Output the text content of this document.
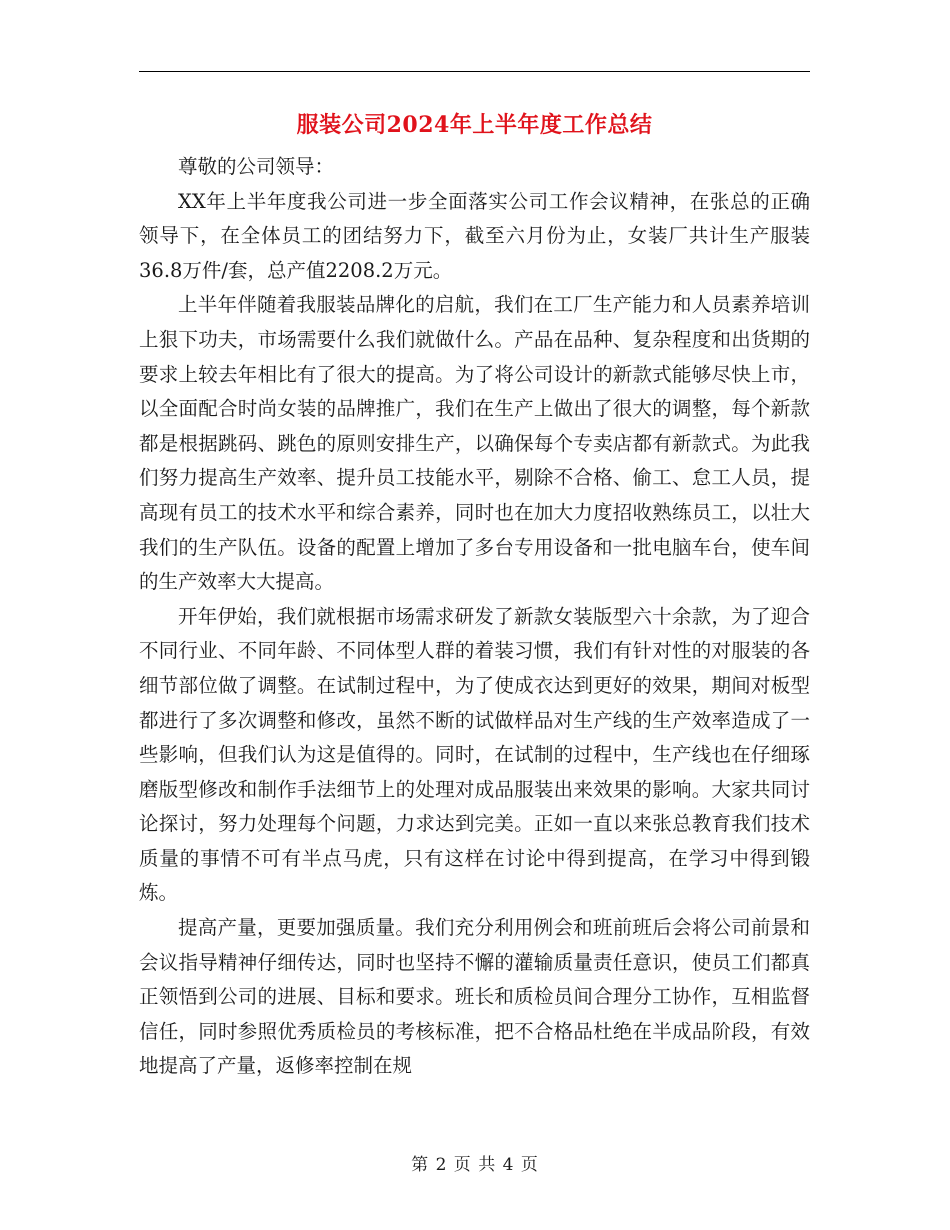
服装公司2024年上半年度工作总结

尊敬的公司领导：

XX年上半年度我公司进一步全面落实公司工作会议精神，在张总的正确领导下，在全体员工的团结努力下，截至六月份为止，女装厂共计生产服装36.8万件/套，总产值2208.2万元。

上半年伴随着我服装品牌化的启航，我们在工厂生产能力和人员素养培训上狠下功夫，市场需要什么我们就做什么。产品在品种、复杂程度和出货期的要求上较去年相比有了很大的提高。为了将公司设计的新款式能够尽快上市，以全面配合时尚女装的品牌推广，我们在生产上做出了很大的调整，每个新款都是根据跳码、跳色的原则安排生产，以确保每个专卖店都有新款式。为此我们努力提高生产效率、提升员工技能水平，剔除不合格、偷工、怠工人员，提高现有员工的技术水平和综合素养，同时也在加大力度招收熟练员工，以壮大我们的生产队伍。设备的配置上增加了多台专用设备和一批电脑车台，使车间的生产效率大大提高。

开年伊始，我们就根据市场需求研发了新款女装版型六十余款，为了迎合不同行业、不同年龄、不同体型人群的着装习惯，我们有针对性的对服装的各细节部位做了调整。在试制过程中，为了使成衣达到更好的效果，期间对板型都进行了多次调整和修改，虽然不断的试做样品对生产线的生产效率造成了一些影响，但我们认为这是值得的。同时，在试制的过程中，生产线也在仔细琢磨版型修改和制作手法细节上的处理对成品服装出来效果的影响。大家共同讨论探讨，努力处理每个问题，力求达到完美。正如一直以来张总教育我们技术质量的事情不可有半点马虎，只有这样在讨论中得到提高，在学习中得到锻炼。

提高产量，更要加强质量。我们充分利用例会和班前班后会将公司前景和会议指导精神仔细传达，同时也坚持不懈的灌输质量责任意识，使员工们都真正领悟到公司的进展、目标和要求。班长和质检员间合理分工协作，互相监督信任，同时参照优秀质检员的考核标准，把不合格品杜绝在半成品阶段，有效地提高了产量，返修率控制在规

第 2 页 共 4 页
